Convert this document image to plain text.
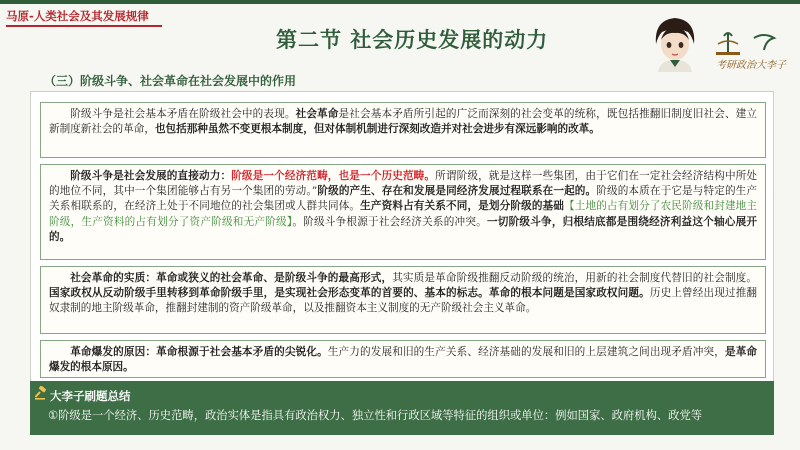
马原-人类社会及其发展规律
第二节 社会历史发展的动力
考研政治大李子
（三）阶级斗争、社会革命在社会发展中的作用
阶级斗争是社会基本矛盾在阶级社会中的表现。社会革命是社会基本矛盾所引起的广泛而深刻的社会变革的统称，既包括推翻旧制度旧社会、建立新制度新社会的革命，也包括那种虽然不变更根本制度，但对体制机制进行深刻改造并对社会进步有深远影响的改革。
阶级斗争是社会发展的直接动力：阶级是一个经济范畴，也是一个历史范畴。所谓阶级，就是这样一些集团，由于它们在一定社会经济结构中所处的地位不同，其中一个集团能够占有另一个集团的劳动。”阶级的产生、存在和发展是同经济发展过程联系在一起的。阶级的本质在于它是与特定的生产关系相联系的，在经济上处于不同地位的社会集团或人群共同体。生产资料占有关系不同，是划分阶级的基础【土地的占有划分了农民阶级和封建地主阶级，生产资料的占有划分了资产阶级和无产阶级】。阶级斗争根源于社会经济关系的冲突。一切阶级斗争，归根结底都是围绕经济利益这个轴心展开的。
社会革命的实质：革命或狭义的社会革命、是阶级斗争的最高形式，其实质是革命阶级推翻反动阶级的统治，用新的社会制度代替旧的社会制度。国家政权从反动阶级手里转移到革命阶级手里，是实现社会形态变革的首要的、基本的标志。革命的根本问题是国家政权问题。历史上曾经出现过推翻奴隶制的地主阶级革命，推翻封建制的资产阶级革命，以及推翻资本主义制度的无产阶级社会主义革命。
革命爆发的原因：革命根源于社会基本矛盾的尖锐化。生产力的发展和旧的生产关系、经济基础的发展和旧的上层建筑之间出现矛盾冲突，是革命爆发的根本原因。
大李子刷题总结
①阶级是一个经济、历史范畴，政治实体是指具有政治权力、独立性和行政区域等特征的组织或单位：例如国家、政府机构、政党等
